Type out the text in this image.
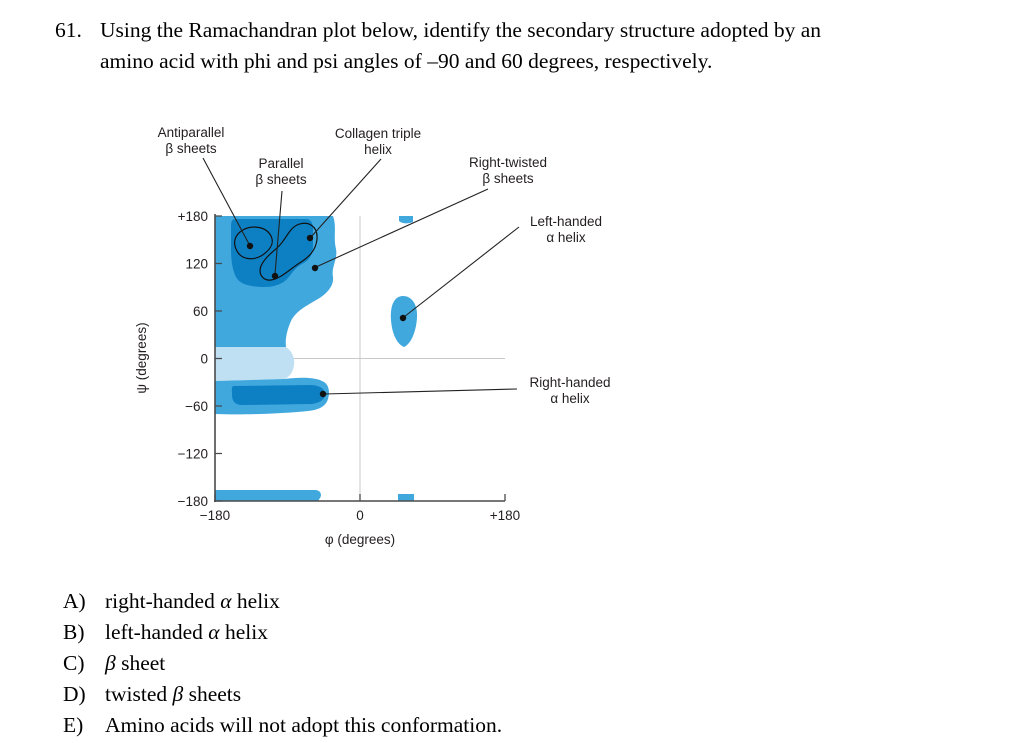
61. Using the Ramachandran plot below, identify the secondary structure adopted by an
amino acid with phi and psi angles of –90 and 60 degrees, respectively.
+180
120
60
0
−60
−120
−180
−180	0	+180
φ (degrees)
ψ (degrees)
Antiparallel
β sheets
Parallel
β sheets
Collagen triple
helix
Right-twisted
β sheets
Left-handed
α helix
Right-handed
α helix
A) right-handed α helix
B) left-handed α helix
C) β sheet
D) twisted β sheets
E)	Amino acids will not adopt this conformation.
